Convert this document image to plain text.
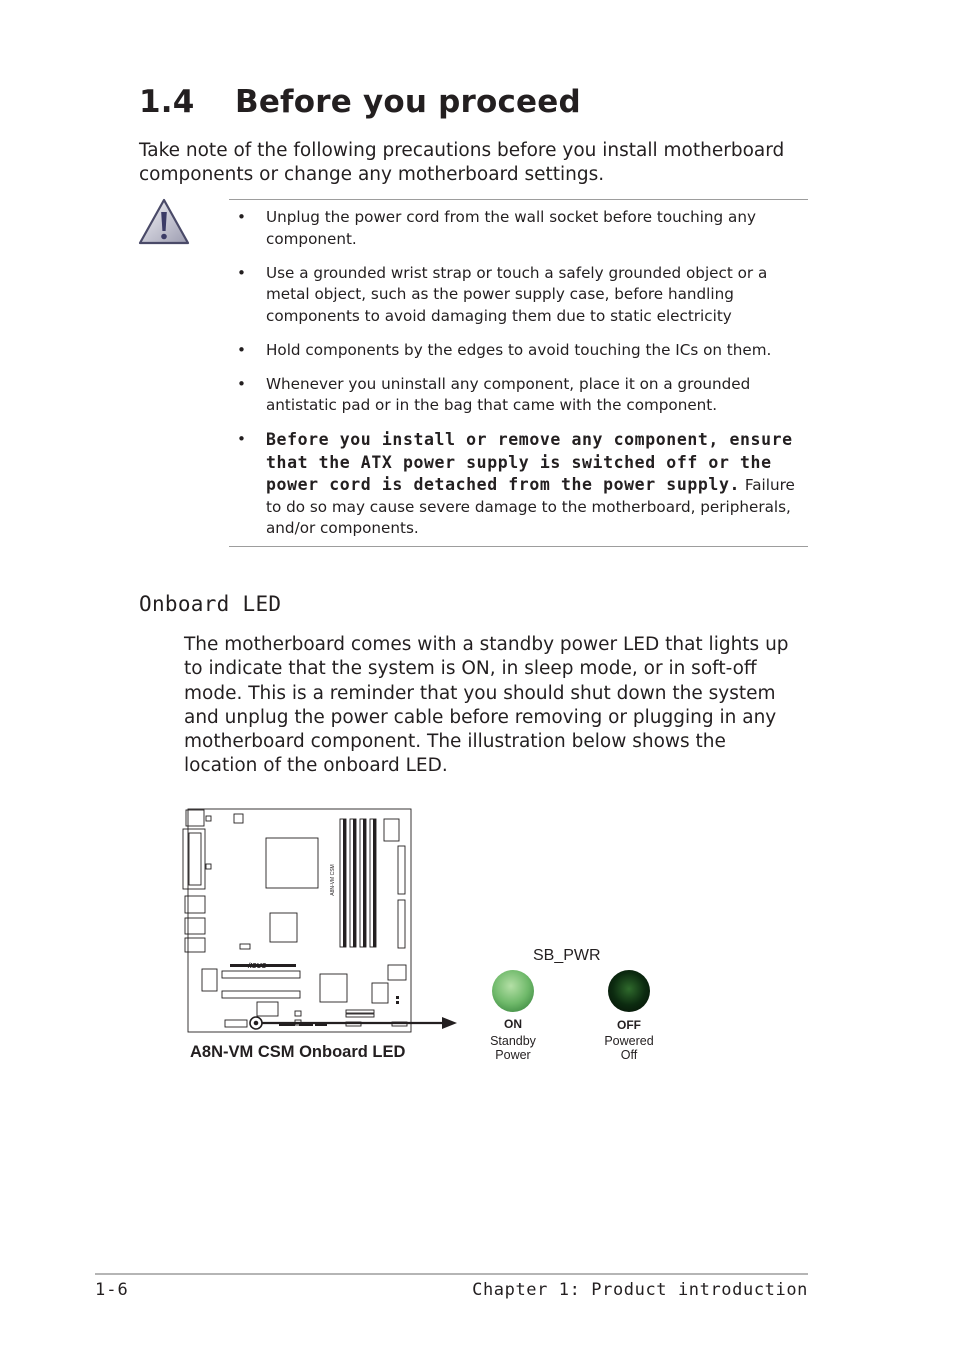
1.4 Before you proceed
Take note of the following precautions before you install motherboard components or change any motherboard settings.
• Unplug the power cord from the wall socket before touching any component.
• Use a grounded wrist strap or touch a safely grounded object or a metal object, such as the power supply case, before handling components to avoid damaging them due to static electricity
• Hold components by the edges to avoid touching the ICs on them.
• Whenever you uninstall any component, place it on a grounded antistatic pad or in the bag that came with the component.
• Before you install or remove any component, ensure that the ATX power supply is switched off or the power cord is detached from the power supply. Failure to do so may cause severe damage to the motherboard, peripherals, and/or components.
Onboard LED
The motherboard comes with a standby power LED that lights up to indicate that the system is ON, in sleep mode, or in soft-off mode. This is a reminder that you should shut down the system and unplug the power cable before removing or plugging in any motherboard component. The illustration below shows the location of the onboard LED.
A8N-VM CSM
/ISUS
A8N-VM CSM Onboard LED
SB_PWR
ON
Standby
Power
OFF
Powered
Off
1-6	Chapter 1: Product introduction
